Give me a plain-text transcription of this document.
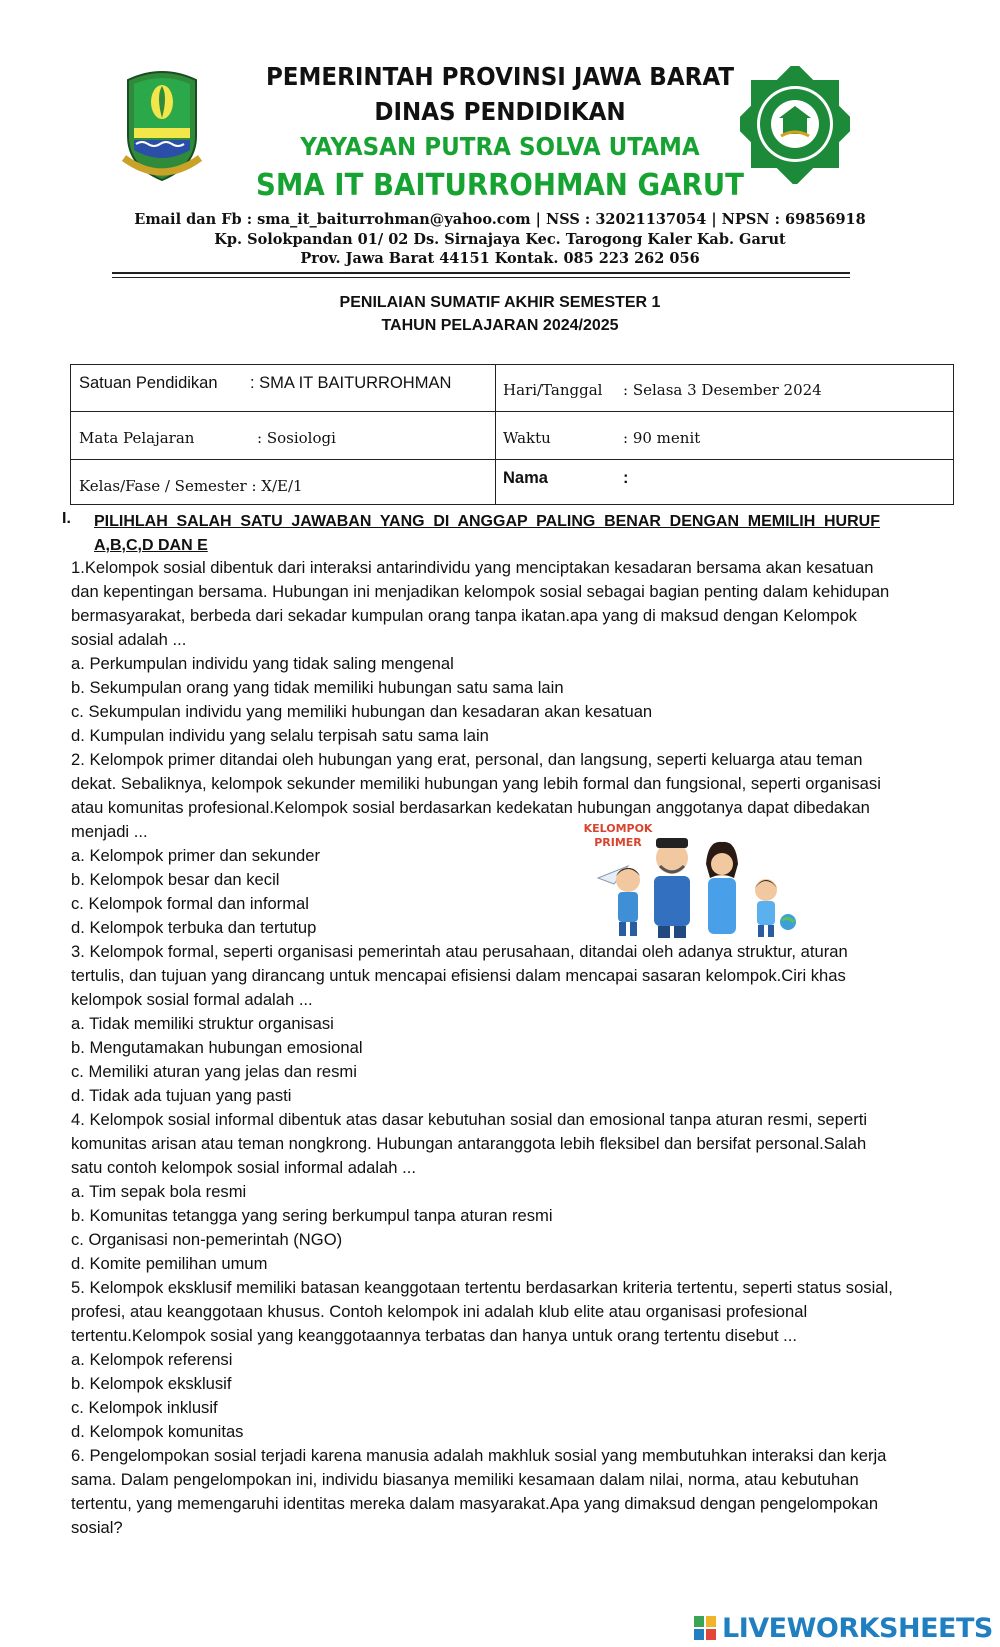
PEMERINTAH PROVINSI JAWA BARAT
DINAS PENDIDIKAN
YAYASAN PUTRA SOLVA UTAMA
SMA IT BAITURROHMAN GARUT
Email dan Fb : sma_it_baiturrohman@yahoo.com | NSS : 32021137054 | NPSN : 69856918
Kp. Solokpandan 01/ 02 Ds. Sirnajaya Kec. Tarogong Kaler Kab. Garut
Prov. Jawa Barat 44151 Kontak. 085 223 262 056
PENILAIAN SUMATIF AKHIR SEMESTER 1
TAHUN PELAJARAN 2024/2025
Satuan Pendidikan : SMA IT BAITURROHMAN	Hari/Tanggal : Selasa 3 Desember 2024
Mata Pelajaran	: Sosiologi	Waktu	: 90 menit
Kelas/Fase / Semester : X/E/1	Nama	:
I. PILIHLAH SALAH SATU JAWABAN YANG DI ANGGAP PALING BENAR DENGAN MEMILIH HURUF A,B,C,D DAN E

1.Kelompok sosial dibentuk dari interaksi antarindividu yang menciptakan kesadaran bersama akan kesatuan dan kepentingan bersama. Hubungan ini menjadikan kelompok sosial sebagai bagian penting dalam kehidupan bermasyarakat, berbeda dari sekadar kumpulan orang tanpa ikatan.apa yang di maksud dengan Kelompok sosial adalah ...
a. Perkumpulan individu yang tidak saling mengenal
b. Sekumpulan orang yang tidak memiliki hubungan satu sama lain
c. Sekumpulan individu yang memiliki hubungan dan kesadaran akan kesatuan
d. Kumpulan individu yang selalu terpisah satu sama lain

2. Kelompok primer ditandai oleh hubungan yang erat, personal, dan langsung, seperti keluarga atau teman dekat. Sebaliknya, kelompok sekunder memiliki hubungan yang lebih formal dan fungsional, seperti organisasi atau komunitas profesional.Kelompok sosial berdasarkan kedekatan hubungan anggotanya dapat dibedakan menjadi ...
a. Kelompok primer dan sekunder
b. Kelompok besar dan kecil
c. Kelompok formal dan informal
d. Kelompok terbuka dan tertutup

3. Kelompok formal, seperti organisasi pemerintah atau perusahaan, ditandai oleh adanya struktur, aturan tertulis, dan tujuan yang dirancang untuk mencapai efisiensi dalam mencapai sasaran kelompok.Ciri khas kelompok sosial formal adalah ...
a. Tidak memiliki struktur organisasi
b. Mengutamakan hubungan emosional
c. Memiliki aturan yang jelas dan resmi
d. Tidak ada tujuan yang pasti

4. Kelompok sosial informal dibentuk atas dasar kebutuhan sosial dan emosional tanpa aturan resmi, seperti komunitas arisan atau teman nongkrong. Hubungan antaranggota lebih fleksibel dan bersifat personal.Salah satu contoh kelompok sosial informal adalah ...
a. Tim sepak bola resmi
b. Komunitas tetangga yang sering berkumpul tanpa aturan resmi
c. Organisasi non-pemerintah (NGO)
d. Komite pemilihan umum

5. Kelompok eksklusif memiliki batasan keanggotaan tertentu berdasarkan kriteria tertentu, seperti status sosial, profesi, atau keanggotaan khusus. Contoh kelompok ini adalah klub elite atau organisasi profesional tertentu.Kelompok sosial yang keanggotaannya terbatas dan hanya untuk orang tertentu disebut ...
a. Kelompok referensi
b. Kelompok eksklusif
c. Kelompok inklusif
d. Kelompok komunitas

6. Pengelompokan sosial terjadi karena manusia adalah makhluk sosial yang membutuhkan interaksi dan kerja sama. Dalam pengelompokan ini, individu biasanya memiliki kesamaan dalam nilai, norma, atau kebutuhan tertentu, yang memengaruhi identitas mereka dalam masyarakat.Apa yang dimaksud dengan pengelompokan sosial?

KELOMPOK
PRIMER
LIVEWORKSHEETS
